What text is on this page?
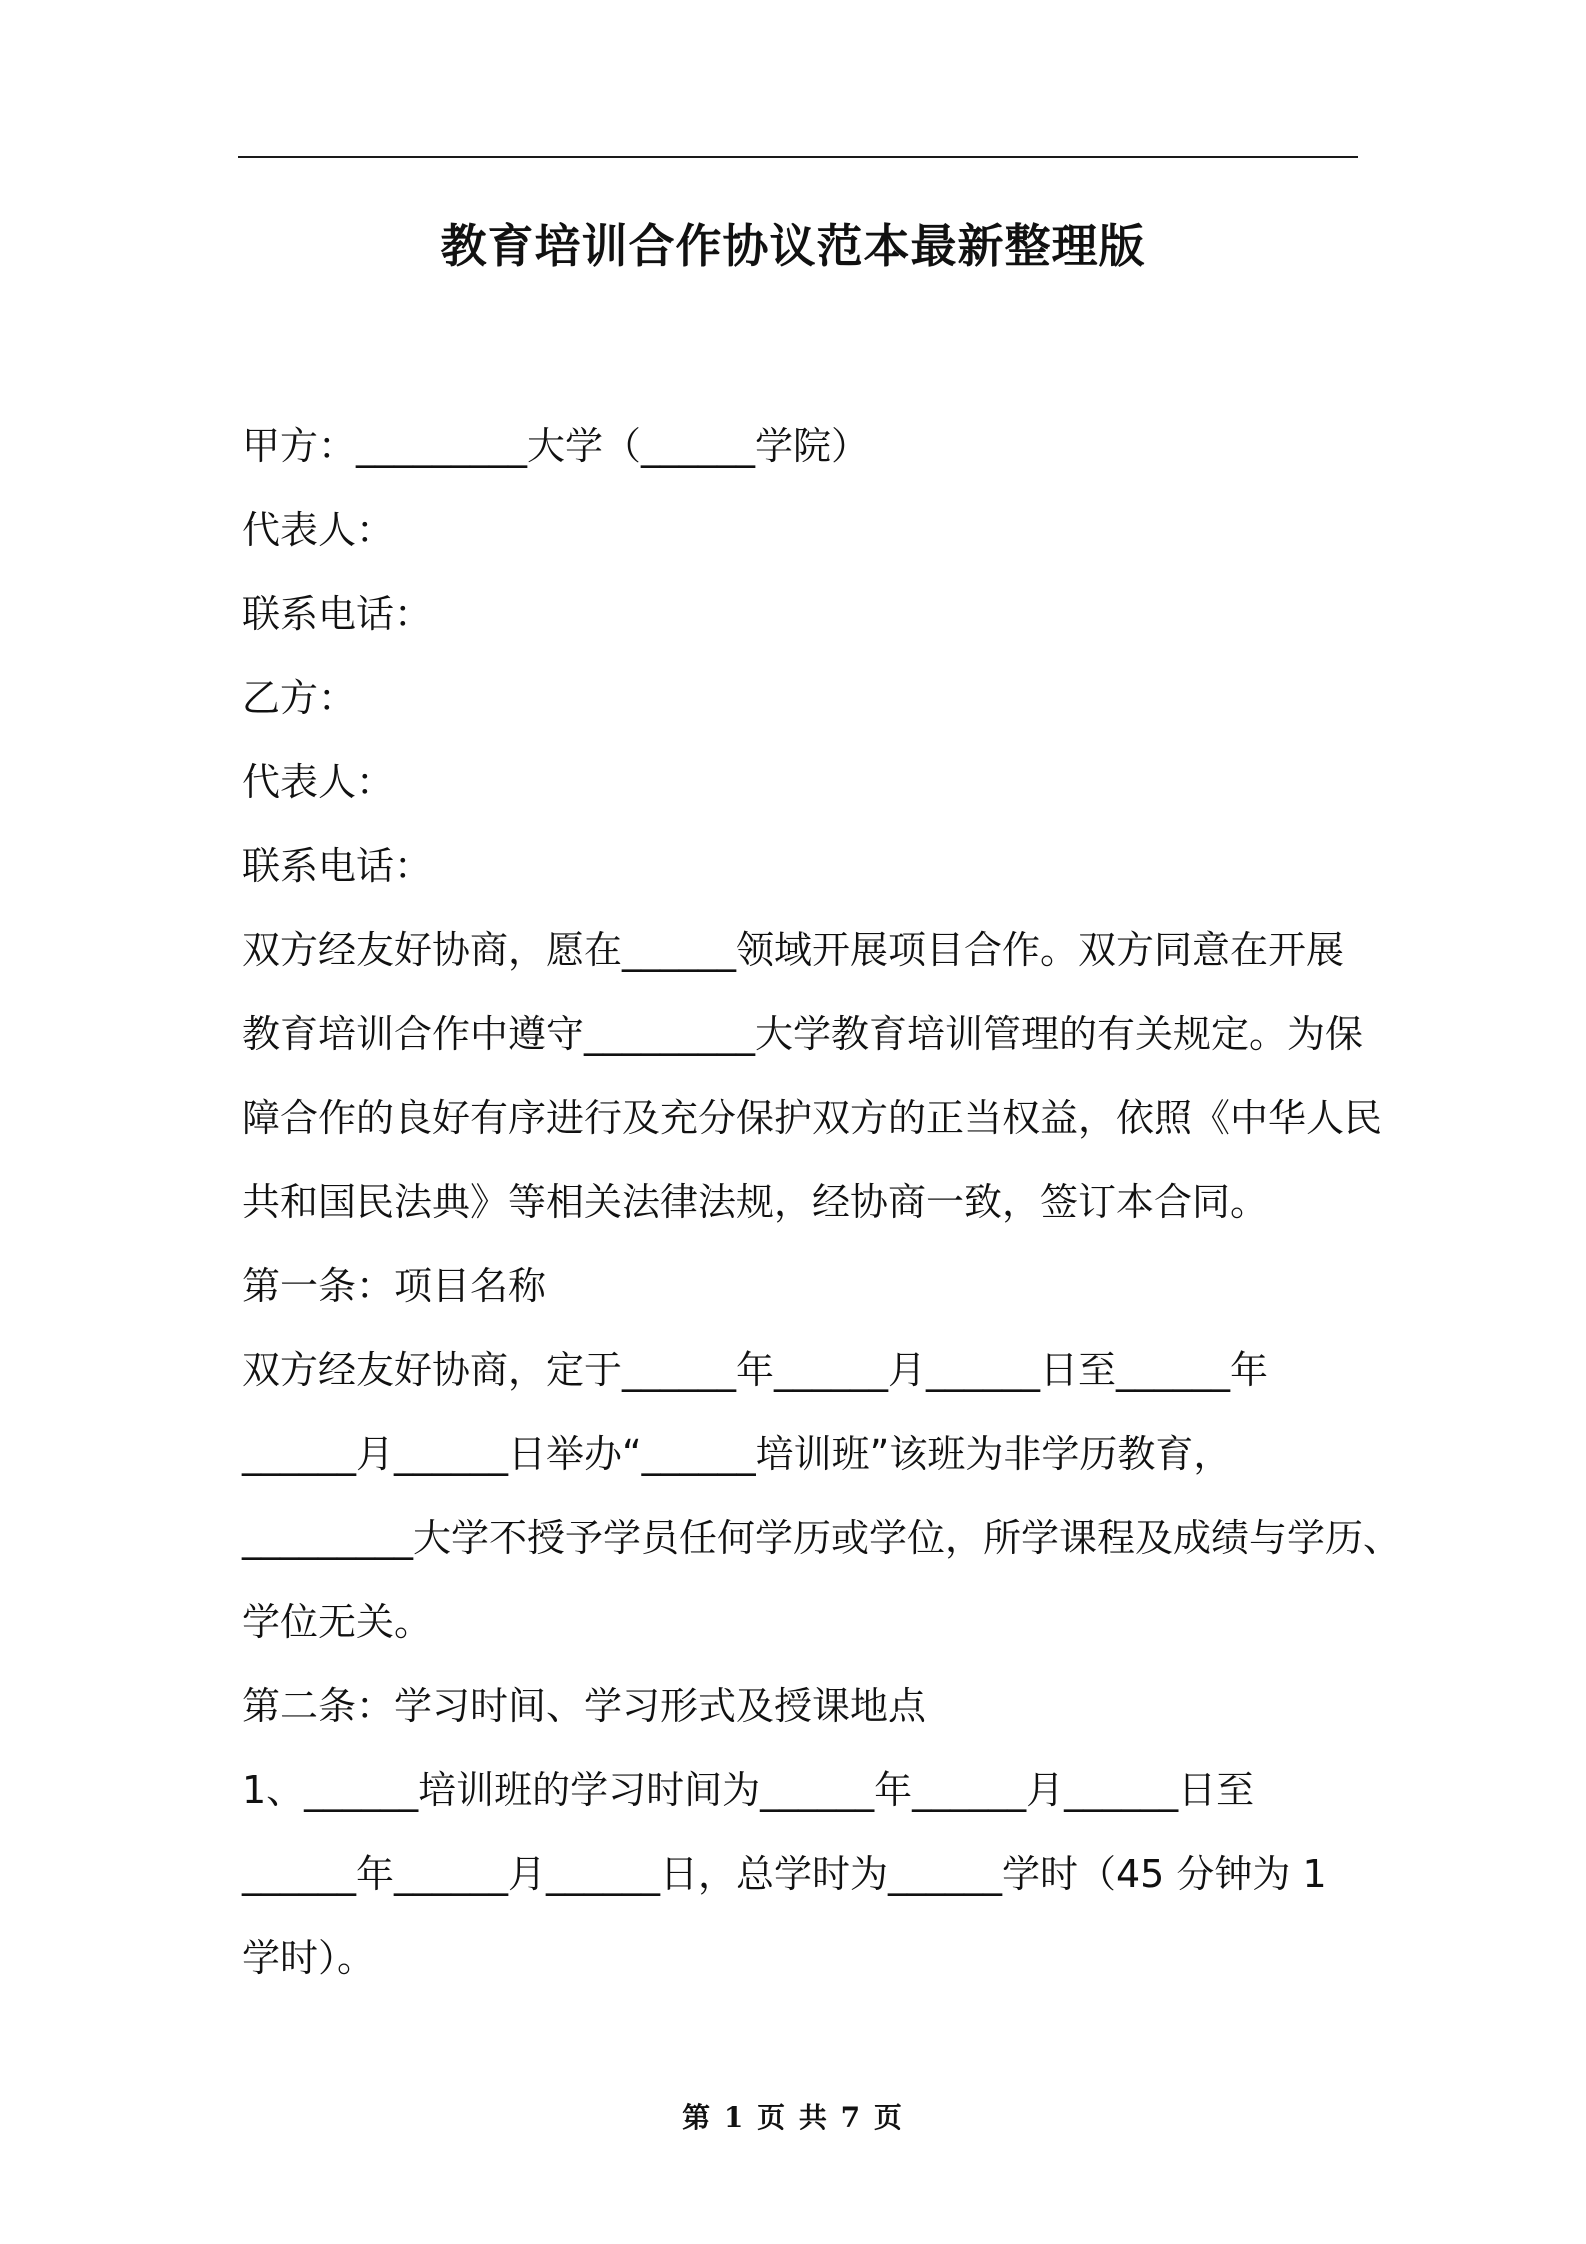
教育培训合作协议范本最新整理版
甲方：_________大学（______学院）
代表人：
联系电话：
乙方：
代表人：
联系电话：
双方经友好协商，愿在______领域开展项目合作。双方同意在开展
教育培训合作中遵守_________大学教育培训管理的有关规定。为保
障合作的良好有序进行及充分保护双方的正当权益，依照《中华人民
共和国民法典》等相关法律法规，经协商一致，签订本合同。
第一条：项目名称
双方经友好协商，定于______年______月______日至______年
______月______日举办“______培训班”该班为非学历教育，
_________大学不授予学员任何学历或学位，所学课程及成绩与学历、
学位无关。
第二条：学习时间、学习形式及授课地点
1、______培训班的学习时间为______年______月______日至
______年______月______日，总学时为______学时（45 分钟为 1
学时）。
第 1 页 共 7 页
